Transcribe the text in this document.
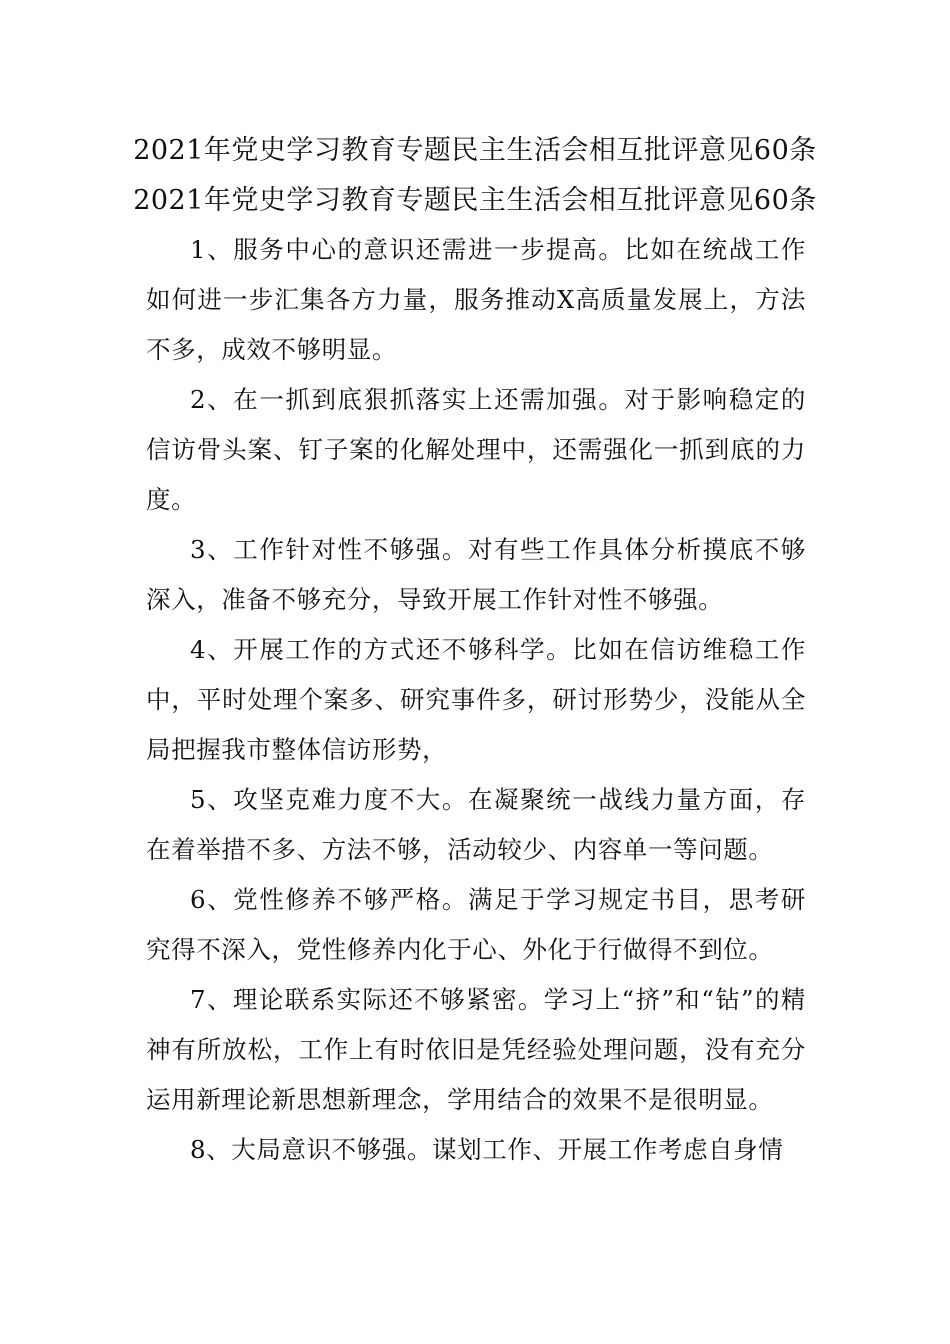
2021年党史学习教育专题民主生活会相互批评意见60条
2021年党史学习教育专题民主生活会相互批评意见60条

1、服务中心的意识还需进一步提高。比如在统战工作如何进一步汇集各方力量，服务推动X高质量发展上，方法不多，成效不够明显。

2、在一抓到底狠抓落实上还需加强。对于影响稳定的信访骨头案、钉子案的化解处理中，还需强化一抓到底的力度。

3、工作针对性不够强。对有些工作具体分析摸底不够深入，准备不够充分，导致开展工作针对性不够强。

4、开展工作的方式还不够科学。比如在信访维稳工作中，平时处理个案多、研究事件多，研讨形势少，没能从全局把握我市整体信访形势，

5、攻坚克难力度不大。在凝聚统一战线力量方面，存在着举措不多、方法不够，活动较少、内容单一等问题。

6、党性修养不够严格。满足于学习规定书目，思考研究得不深入，党性修养内化于心、外化于行做得不到位。

7、理论联系实际还不够紧密。学习上“挤”和“钻”的精神有所放松，工作上有时依旧是凭经验处理问题，没有充分运用新理论新思想新理念，学用结合的效果不是很明显。

8、大局意识不够强。谋划工作、开展工作考虑自身情
